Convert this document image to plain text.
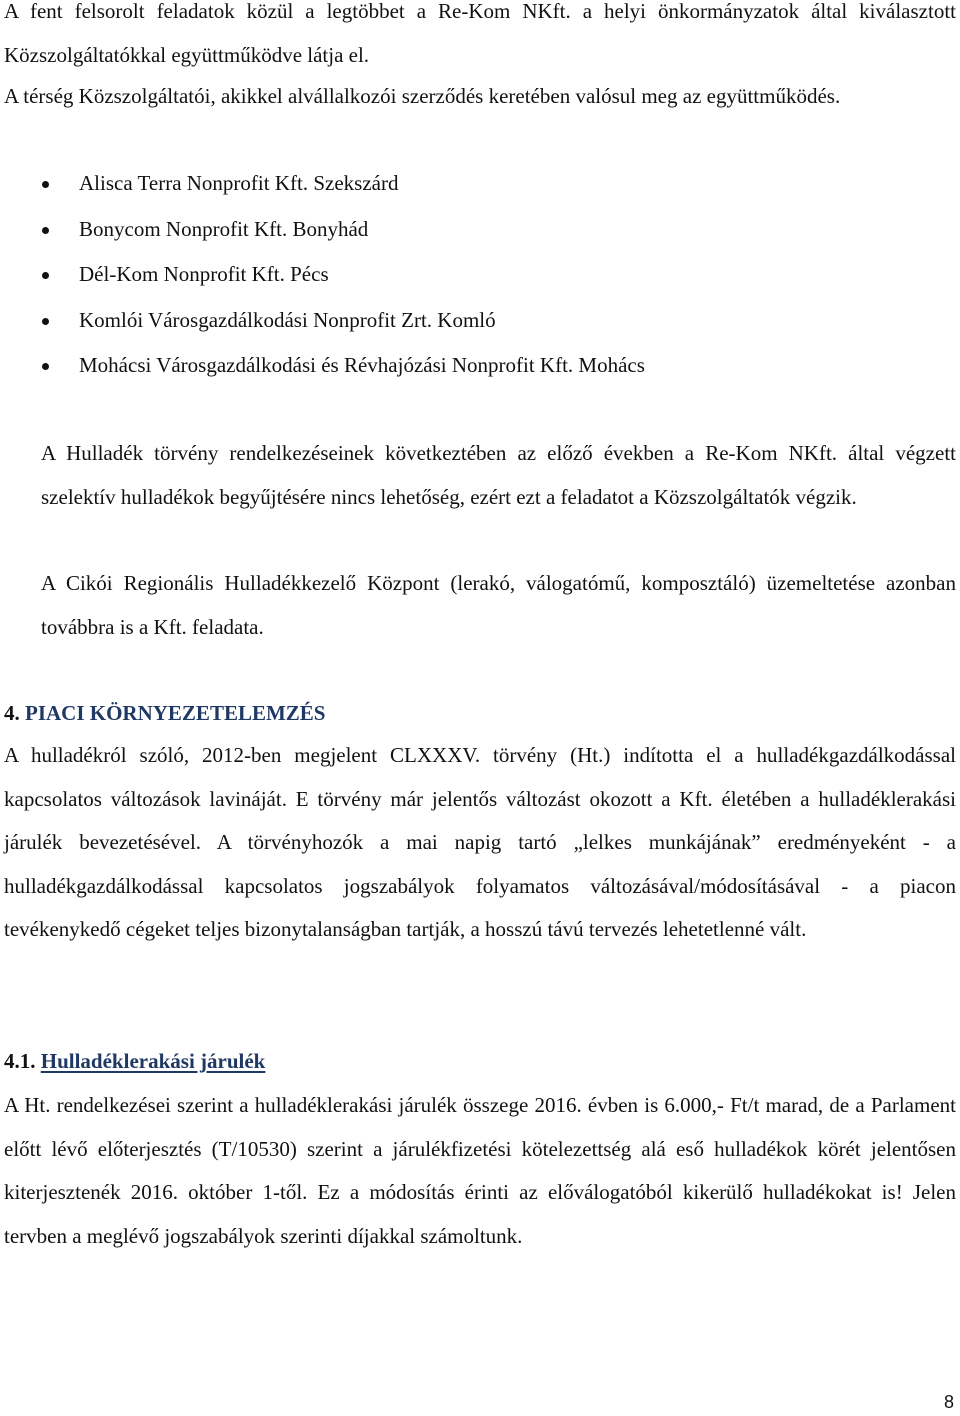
A fent felsorolt feladatok közül a legtöbbet a Re-Kom NKft. a helyi önkormányzatok által kiválasztott Közszolgáltatókkal együttműködve látja el.

A térség Közszolgáltatói, akikkel alvállalkozói szerződés keretében valósul meg az együttműködés.

Alisca Terra Nonprofit Kft. Szekszárd
Bonycom Nonprofit Kft. Bonyhád
Dél-Kom Nonprofit Kft. Pécs
Komlói Városgazdálkodási Nonprofit Zrt. Komló
Mohácsi Városgazdálkodási és Révhajózási Nonprofit Kft. Mohács

A Hulladék törvény rendelkezéseinek következtében az előző években a Re-Kom NKft. által végzett szelektív hulladékok begyűjtésére nincs lehetőség, ezért ezt a feladatot a Közszolgáltatók végzik.

A Cikói Regionális Hulladékkezelő Központ (lerakó, válogatómű, komposztáló) üzemeltetése azonban továbbra is a Kft. feladata.

4. PIACI KÖRNYEZETELEMZÉS

A hulladékról szóló, 2012-ben megjelent CLXXXV. törvény (Ht.) indította el a hulladékgazdálkodással kapcsolatos változások lavináját. E törvény már jelentős változást okozott a Kft. életében a hulladéklerakási járulék bevezetésével. A törvényhozók a mai napig tartó „lelkes munkájának” eredményeként - a hulladékgazdálkodással kapcsolatos jogszabályok folyamatos változásával/módosításával - a piacon tevékenykedő cégeket teljes bizonytalanságban tartják, a hosszú távú tervezés lehetetlenné vált.

4.1. Hulladéklerakási járulék

A Ht. rendelkezései szerint a hulladéklerakási járulék összege 2016. évben is 6.000,- Ft/t marad, de a Parlament előtt lévő előterjesztés (T/10530) szerint a járulékfizetési kötelezettség alá eső hulladékok körét jelentősen kiterjesztenék 2016. október 1-től. Ez a módosítás érinti az előválogatóból kikerülő hulladékokat is! Jelen tervben a meglévő jogszabályok szerinti díjakkal számoltunk.

8
